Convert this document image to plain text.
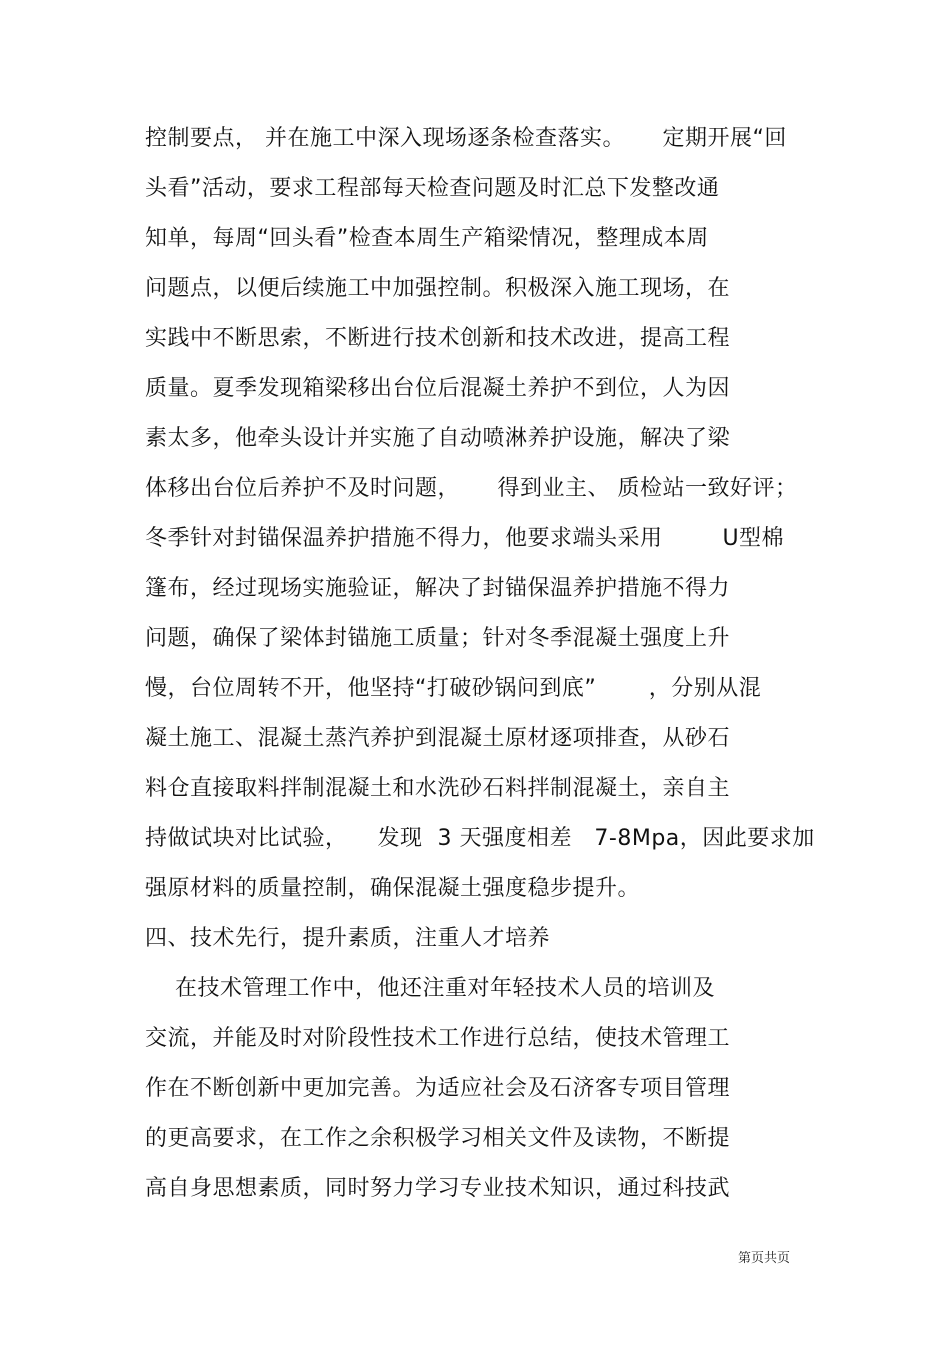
控制要点， 并在施工中深入现场逐条检查落实。     定期开展“回
头看”活动，要求工程部每天检查问题及时汇总下发整改通
知单，每周“回头看”检查本周生产箱梁情况，整理成本周
问题点，以便后续施工中加强控制。积极深入施工现场，在
实践中不断思索，不断进行技术创新和技术改进，提高工程
质量。夏季发现箱梁移出台位后混凝土养护不到位，人为因
素太多，他牵头设计并实施了自动喷淋养护设施，解决了梁
体移出台位后养护不及时问题，     得到业主、 质检站一致好评；
冬季针对封锚保温养护措施不得力，他要求端头采用        U型棉
篷布，经过现场实施验证，解决了封锚保温养护措施不得力
问题，确保了梁体封锚施工质量；针对冬季混凝土强度上升
慢，台位周转不开，他坚持“打破砂锅问到底”       ，分别从混
凝土施工、混凝土蒸汽养护到混凝土原材逐项排查，从砂石
料仓直接取料拌制混凝土和水洗砂石料拌制混凝土，亲自主
持做试块对比试验，    发现  3 天强度相差   7-8Mpa，因此要求加
强原材料的质量控制，确保混凝土强度稳步提升。
四、技术先行，提升素质，注重人才培养
在技术管理工作中，他还注重对年轻技术人员的培训及
交流，并能及时对阶段性技术工作进行总结，使技术管理工
作在不断创新中更加完善。为适应社会及石济客专项目管理
的更高要求，在工作之余积极学习相关文件及读物，不断提
高自身思想素质，同时努力学习专业技术知识，通过科技武
第页共页
